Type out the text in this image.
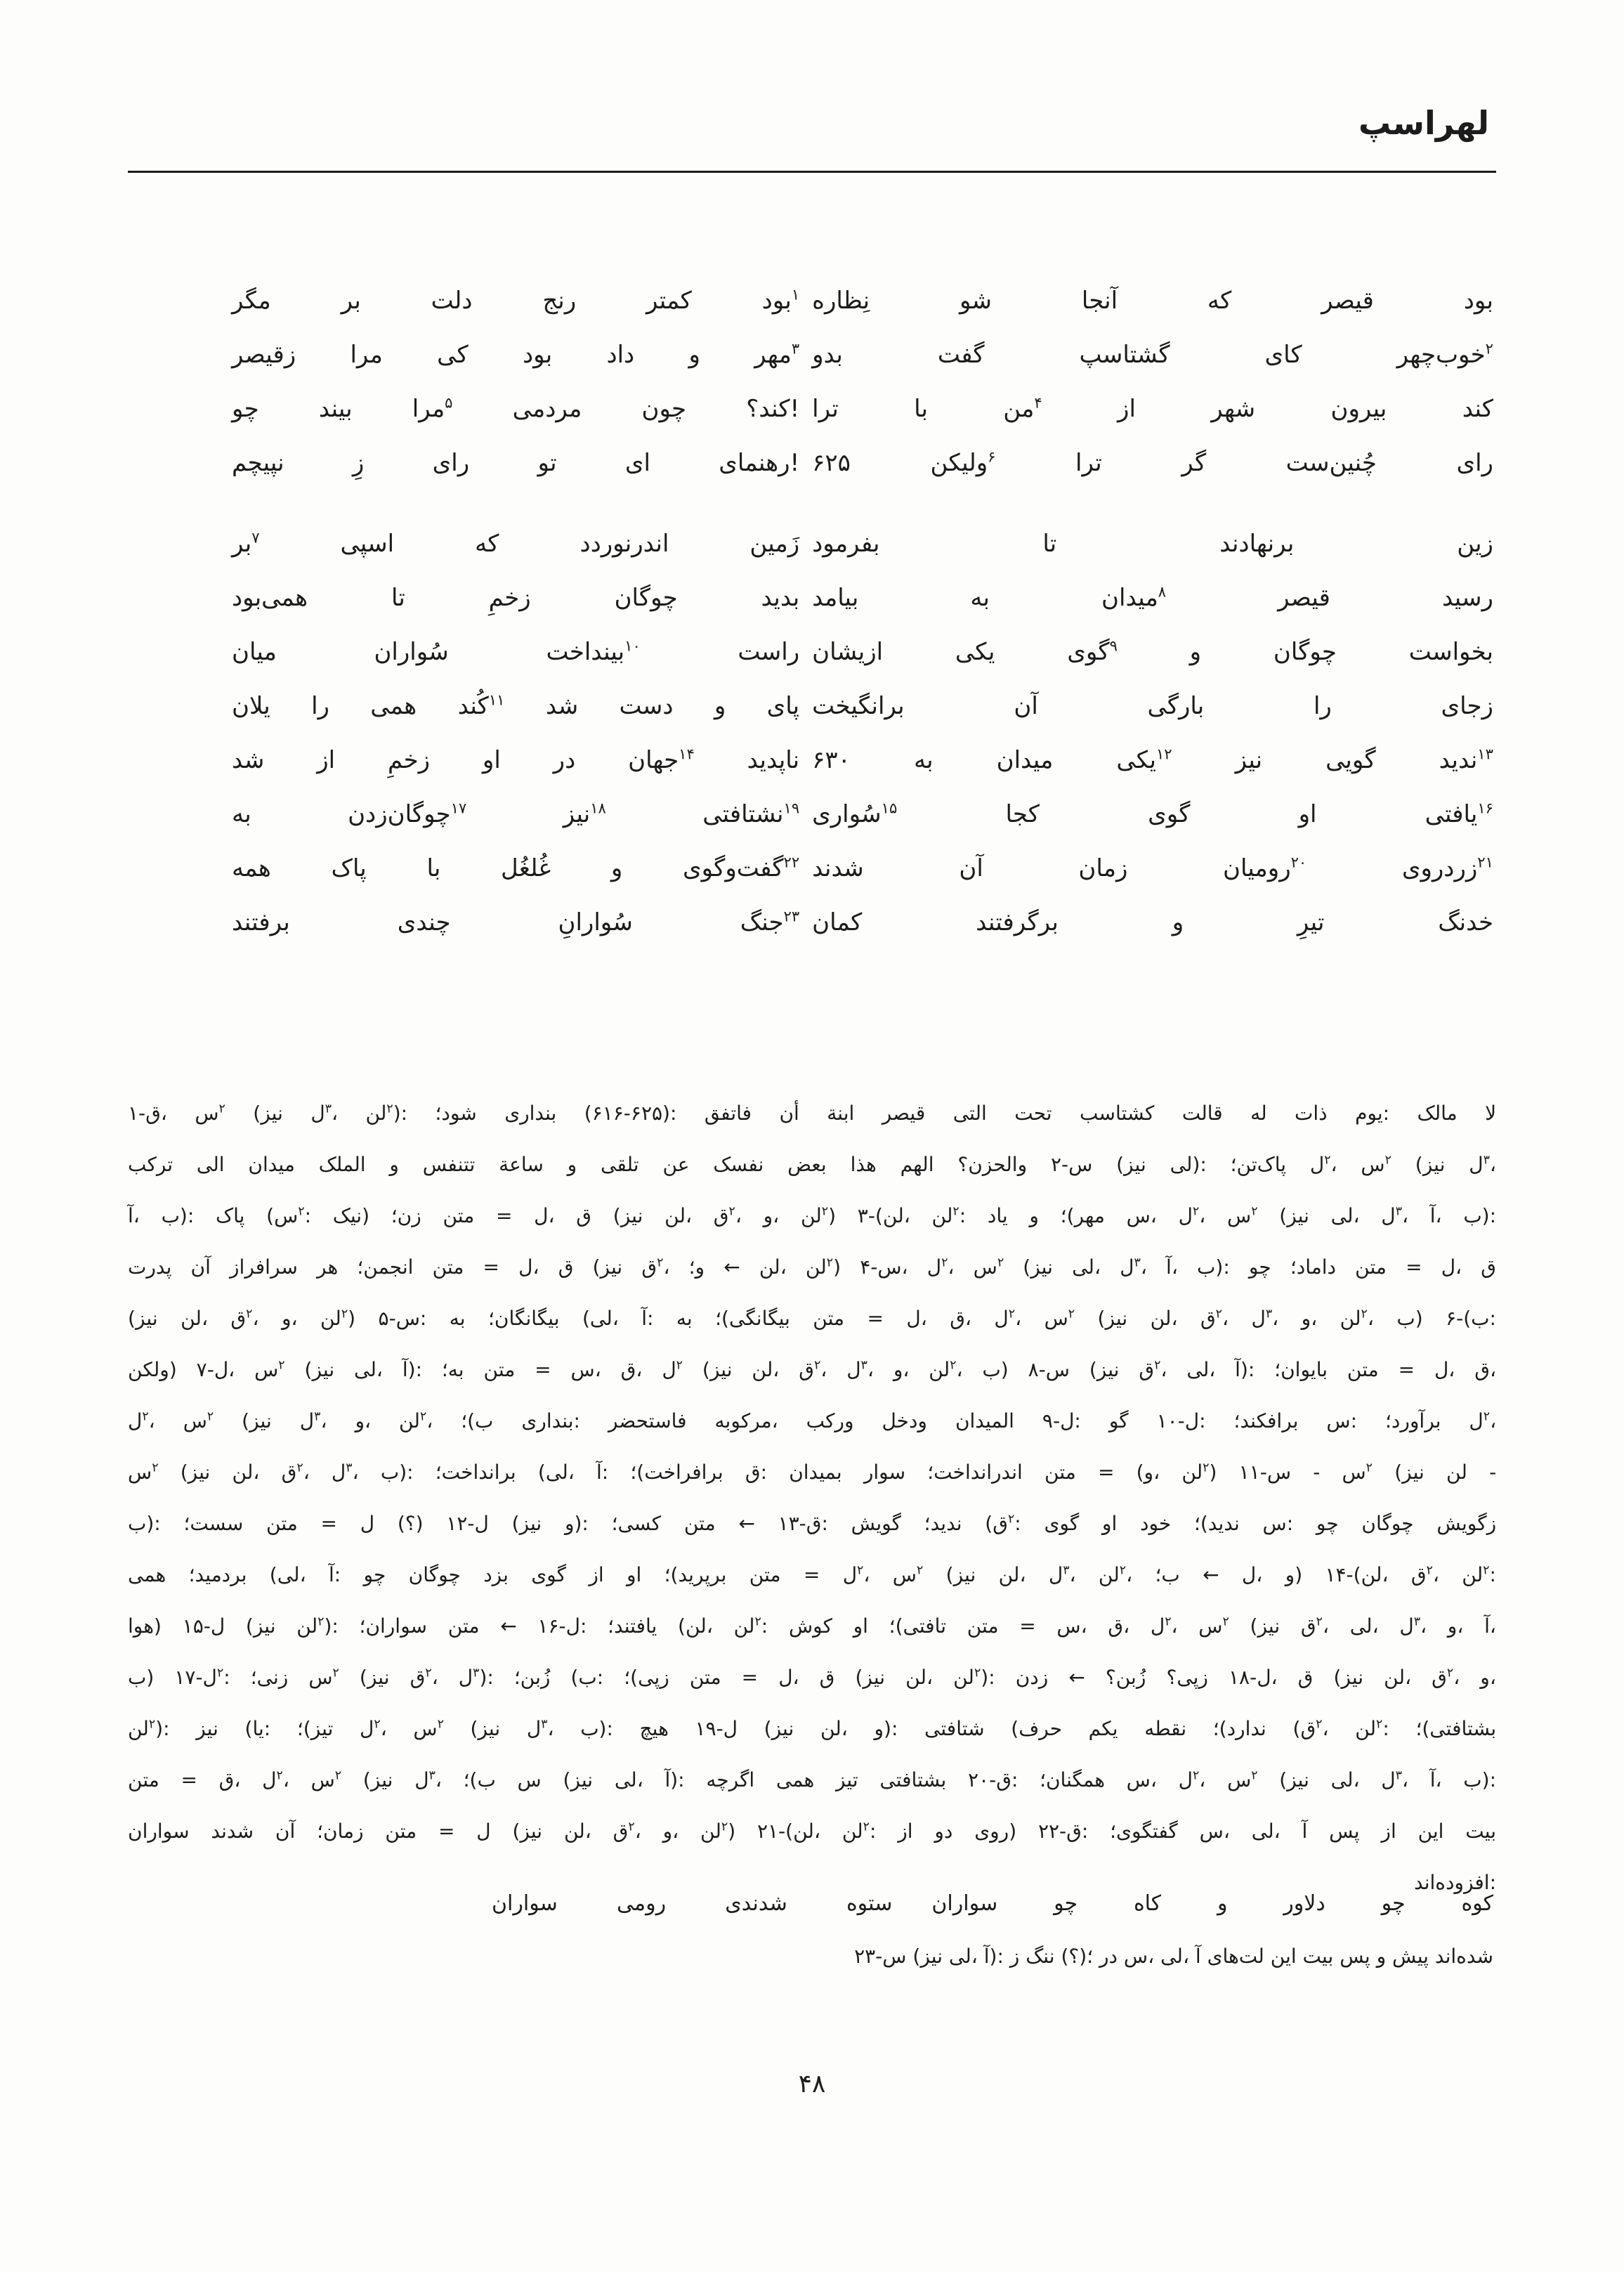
لهراسپ
مگر	بر	دلت	رنج	کمتر	بود$^۱$ نِظاره	شو	آنجا	که	قیصر	بود
زقیصر مرا کی بود داد و مهر$^۳$ بدو	گفت	گشتاسپ	کای	خوب‌چهر$^۲$
چو	بیند	مرا$^۵$	مردمی	چون	کند؟! ترا	با	من$^۴$	از	شهر	بیرون	کند
نپیچم	زِ	رای	تو	ای	رهنمای! ۶۲۵	ولیکن$^۶$	ترا	گر	چُنین‌ست	رای
بر$^۷$	اسپی	که	اندرنوردد	زَمین بفرمود	تا	برنهادند	زین
همی‌بود	تا	زخمِ	چوگان	بدید بیامد	به	میدان$^۸$	قیصر	رسید
میان	سُواران	بینداخت$^{۱۰}$	راست ازیشان	یکی	گوی$^۹$	و	چوگان	بخواست
یلان را همی کُند$^{۱۱}$ شد دست و پای برانگیخت	آن	بارگی	را	زجای
شد از زخمِ او در جهان$^{۱۴}$ ناپدید ۶۳۰	به	میدان	یکی$^{۱۲}$	نیز	گویی	ندید$^{۱۳}$
به	چوگان‌زدن$^{۱۷}$	نیز$^{۱۸}$	نشتافتی$^{۱۹}$ سُواری$^{۱۵}$	کجا	گوی	او	یافتی$^{۱۶}$
همه	پاک	با	غُلغُل	و	گفت‌وگوی$^{۲۲}$ شدند	آن	زمان	رومیان$^{۲۰}$	زردروی$^{۲۱}$
برفتند	چندی	سُوارانِ	جنگ$^{۲۳}$ کمان	برگرفتند	و	تیرِ	خدنگ
۱-ق، س$^۲$ (نیز ل$^۳$، لن$^۲$): شود؛ بنداری (۶۱۶-۶۲۵): فاتفق أن ابنة قیصر التی تحت کشتاسب قالت له ذات یوم: مالک لا
ترکب الی میدان الملک و تتنفس ساعة و تلقی عن نفسک بعض هذا الهم والحزن؟ ۲-س (نیز لی): پاک‌تن؛ ل$^۲$، س$^۲$ (نیز ل$^۳$،
آ، ب): پاک (س$^۲$: نیک) زن؛ متن = ل، ق (نیز لن، ق$^۲$، و، لن$^۲$) ۳-(لن، لن$^۲$: یاد و مهر)؛ س، ل$^۲$، س$^۲$ (نیز لی، ل$^۳$، آ، ب):
پدرت آن سرافراز هر انجمن؛ متن = ل، ق (نیز ق$^۲$، و؛ ← لن، لن$^۲$) ۴-س، ل$^۲$، س$^۲$ (نیز لی، ل$^۳$، آ، ب): چو داماد؛ متن = ل، ق
(نیز لن، ق$^۲$، و، لن$^۲$) ۵-س: به بیگانگان؛ (لی، آ: به بیگانگی)؛ متن = ل، ق، ل$^۲$، س$^۲$ (نیز لن، ق$^۲$، ل$^۳$، و، لن$^۲$، ب) ۶-(ب:
ولکن) ۷-ل، س$^۲$ (نیز لی، آ): به؛ متن = س، ق، ل$^۲$ (نیز لن، ق$^۲$، ل$^۳$، و، لن$^۲$، ب) ۸-س (نیز ق$^۲$، لی، آ): بایوان؛ متن = ل، ق،
ل$^۲$، س$^۲$ (نیز ل$^۳$، و، لن$^۲$، ب)؛ بنداری: فاستحضر مرکوبه، ورکب ودخل المیدان ۹-ل: گو ۱۰-ل: برافکند؛ س: برآورد؛ ل$^۲$،
س$^۲$ (نیز لن، ق$^۲$، ل$^۳$، ب): برانداخت؛ (لی، آ: برافراخت)؛ ق: بمیدان سوار اندرانداخت؛ متن = (و، لن$^۲$) ۱۱-س - س$^۲$ (نیز لن -
ب): سست؛ متن = ل (؟) ۱۲-ل (نیز و): کسی؛ متن ← ۱۳-ق: گویش ندید؛ (ق$^۲$: گوی او خود ندید)؛ س: چو چوگان زگویش
همی بردمید؛ (لی، آ: چو چوگان بزد گوی از او برپرید)؛ متن = ل$^۲$، س$^۲$ (نیز لن، ل$^۳$، لن$^۲$، ب؛ ← ل، و) ۱۴-(لن، ق$^۲$، لن$^۲$:
هوا) ۱۵-ل (نیز لن$^۲$): سواران؛ متن ← ۱۶-ل: یافتند؛ (لن، لن$^۲$: کوش او تافتی)؛ متن = س، ق، ل$^۲$، س$^۲$ (نیز ق$^۲$، لی، ل$^۳$، و، آ،
ب) ۱۷-ل$^۲$: زنی؛ س$^۲$ (نیز ق$^۲$، ل$^۳$): زُبن؛ (ب: زپی)؛ متن = ل، ق (نیز لن، لن$^۲$): زدن ← زُبن؟ زپی؟ ۱۸-ل، ق (نیز لن، ق$^۲$، و،
لن$^۲$): نیز (یا: تیز)؛ ل$^۲$، س$^۲$ (نیز ل$^۳$، ب): هیچ ۱۹-ل (نیز لن، و): شتافتی (حرف یکم نقطه ندارد)؛ (ق$^۲$، لن$^۲$: بشتافتی)؛
متن = ق، ل$^۲$، س$^۲$ (نیز ل$^۳$، ب)؛ س (نیز لی، آ): اگرچه همی تیز بشتافتی ۲۰-ق: همگنان؛ س، ل$^۲$، س$^۲$ (نیز لی، ل$^۳$، آ، ب):
سواران شدند آن زمان؛ متن = ل (نیز لن، ق$^۲$، و، لن$^۲$) ۲۱-(لن، لن$^۲$: از دو روی) ۲۲-ق: گفتگوی؛ س، لی، آ پس از این بیت
افزوده‌اند:
سواران	رومی	شدندی	ستوه سواران	چو	کاه	و	دلاور	چو	کوه
۲۳-س (نیز لی، آ): ز ننگ (؟)؛ در س، لی، آ لت‌های این بیت پس و پیش شده‌اند
۴۸
